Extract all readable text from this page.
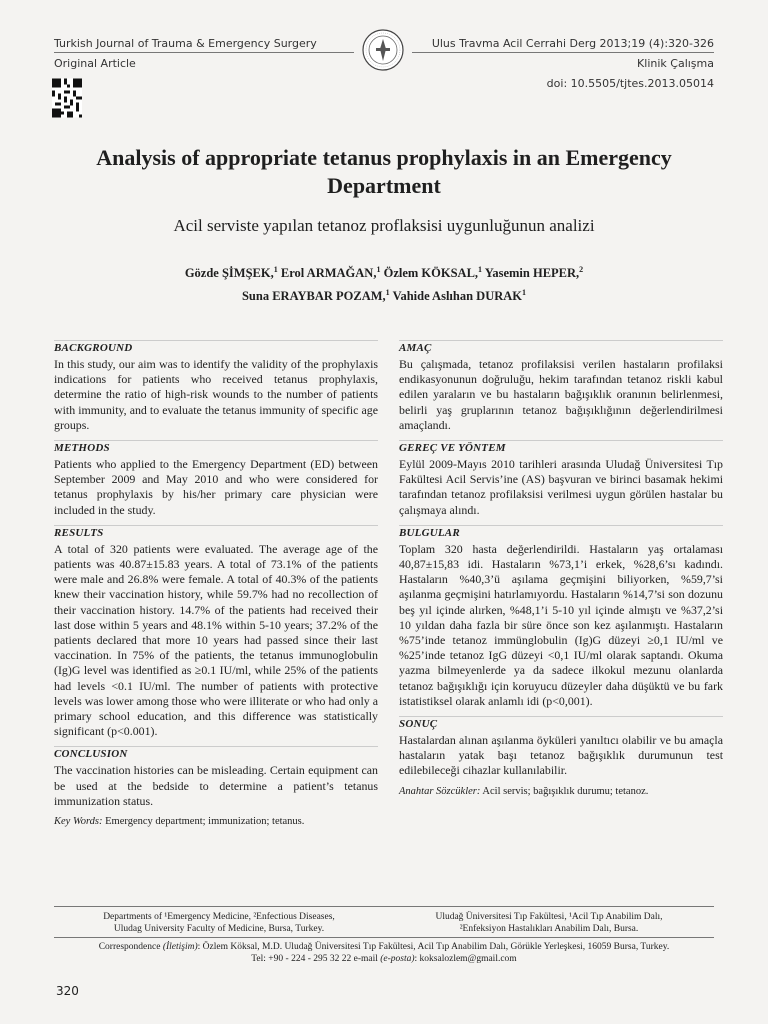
Turkish Journal of Trauma & Emergency Surgery	Ulus Travma Acil Cerrahi Derg 2013;19 (4):320-326
Original Article	Klinik Çalışma
doi: 10.5505/tjtes.2013.05014
Analysis of appropriate tetanus prophylaxis in an Emergency Department
Acil serviste yapılan tetanoz proflaksisi uygunluğunun analizi
Gözde ŞİMŞEK,$^1$ Erol ARMAĞAN,$^1$ Özlem KÖKSAL,$^1$ Yasemin HEPER,$^2$
Suna ERAYBAR POZAM,$^1$ Vahide Aslıhan DURAK$^1$
BACKGROUND

In this study, our aim was to identify the validity of the prophylaxis indications for patients who received tetanus prophylaxis, determine the ratio of high-risk wounds to the number of patients with immunity, and to evaluate the tetanus immunity of specific age groups.

METHODS

Patients who applied to the Emergency Department (ED) between September 2009 and May 2010 and who were considered for tetanus prophylaxis by his/her primary care physician were included in the study.

RESULTS

A total of 320 patients were evaluated. The average age of the patients was 40.87±15.83 years. A total of 73.1% of the patients were male and 26.8% were female. A total of 40.3% of the patients knew their vaccination history, while 59.7% had no recollection of their vaccination history. 14.7% of the patients had received their last dose within 5 years and 48.1% within 5-10 years; 37.2% of the patients declared that more 10 years had passed since their last vaccination. In 75% of the patients, the tetanus immunoglobulin (Ig)G level was identified as ≥0.1 IU/ml, while 25% of the patients had levels <0.1 IU/ml. The number of patients with protective levels was lower among those who were illiterate or who had only a primary school education, and this difference was statistically significant (p<0.001).

CONCLUSION

The vaccination histories can be misleading. Certain equipment can be used at the bedside to determine a patient’s tetanus immunization status.

Key Words: Emergency department; immunization; tetanus.
AMAÇ

Bu çalışmada, tetanoz profilaksisi verilen hastaların profilaksi endikasyonunun doğruluğu, hekim tarafından tetanoz riskli kabul edilen yaraların ve bu hastaların bağışıklık oranının belirlenmesi, belirli yaş gruplarının tetanoz bağışıklığının değerlendirilmesi amaçlandı.

GEREÇ VE YÖNTEM

Eylül 2009-Mayıs 2010 tarihleri arasında Uludağ Üniversitesi Tıp Fakültesi Acil Servis’ine (AS) başvuran ve birinci basamak hekimi tarafından tetanoz profilaksisi verilmesi uygun görülen hastalar bu çalışmaya alındı.

BULGULAR

Toplam 320 hasta değerlendirildi. Hastaların yaş ortalaması 40,87±15,83 idi. Hastaların %73,1’i erkek, %28,6’sı kadındı. Hastaların %40,3’ü aşılama geçmişini biliyorken, %59,7’si aşılanma geçmişini hatırlamıyordu. Hastaların %14,7’si son dozunu beş yıl içinde alırken, %48,1’i 5-10 yıl içinde almıştı ve %37,2’si 10 yıldan daha fazla bir süre önce son kez aşılanmıştı. Hastaların %75’inde tetanoz immünglobulin (Ig)G düzeyi ≥0,1 IU/ml ve %25’inde tetanoz IgG düzeyi <0,1 IU/ml olarak saptandı. Okuma yazma bilmeyenlerde ya da sadece ilkokul mezunu olanlarda tetanoz bağışıklığı için koruyucu düzeyler daha düşüktü ve bu fark istatistiksel olarak anlamlı idi (p<0,001).

SONUÇ

Hastalardan alınan aşılanma öyküleri yanıltıcı olabilir ve bu amaçla hastaların yatak başı tetanoz bağışıklık durumunun test edilebileceği cihazlar kullanılabilir.

Anahtar Sözcükler: Acil servis; bağışıklık durumu; tetanoz.
Departments of ¹Emergency Medicine, ²Enfectious Diseases,
Uludag University Faculty of Medicine, Bursa, Turkey.
Uludağ Üniversitesi Tıp Fakültesi, ¹Acil Tıp Anabilim Dalı,
²Enfeksiyon Hastalıkları Anabilim Dalı, Bursa.
Correspondence (İletişim): Özlem Köksal, M.D. Uludağ Üniversitesi Tıp Fakültesi, Acil Tıp Anabilim Dalı, Görükle Yerleşkesi, 16059 Bursa, Turkey.
Tel: +90 - 224 - 295 32 22 e-mail (e-posta): koksalozlem@gmail.com
320
